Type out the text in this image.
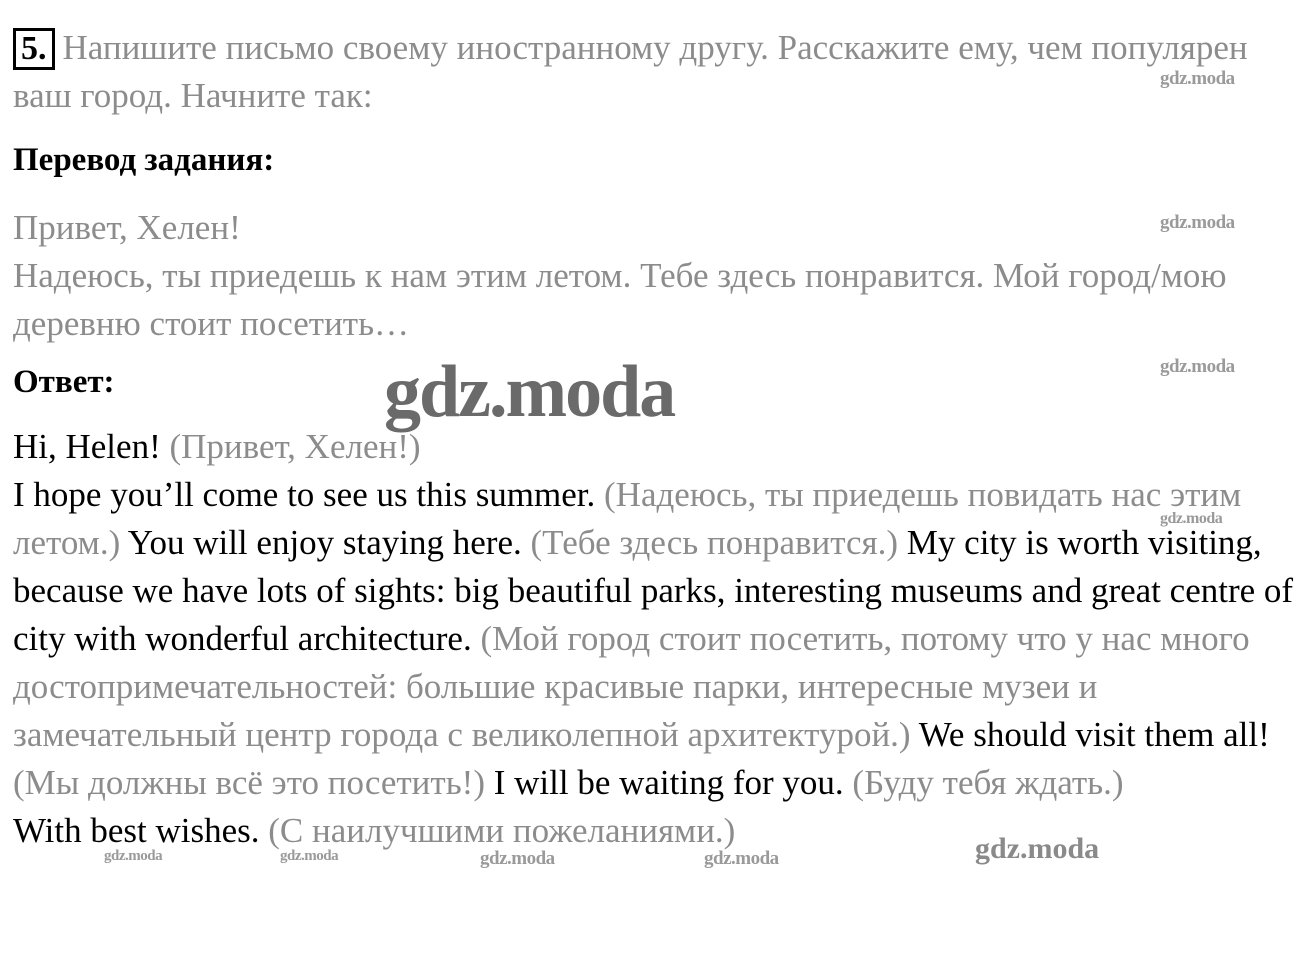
5. Напишите письмо своему иностранному другу. Расскажите ему, чем популярен ваш город. Начните так:
Перевод задания:

Привет, Хелен!

Надеюсь, ты приедешь к нам этим летом. Тебе здесь понравится. Мой город/мою деревню стоит посетить…

Ответ:

Hi, Helen! (Привет, Хелен!)

I hope you’ll come to see us this summer. (Надеюсь, ты приедешь повидать нас этим летом.) You will enjoy staying here. (Тебе здесь понравится.) My city is worth visiting, because we have lots of sights: big beautiful parks, interesting museums and great centre of city with wonderful architecture. (Мой город стоит посетить, потому что у нас много достопримечательностей: большие красивые парки, интересные музеи и замечательный центр города с великолепной архитектурой.) We should visit them all! (Мы должны всё это посетить!) I will be waiting for you. (Буду тебя ждать.)

With best wishes. (С наилучшими пожеланиями.)

gdz.moda
gdz.moda
gdz.moda
gdz.moda
gdz.moda	gdz.moda	gdz.moda	gdz.moda
gdz.moda
gdz.moda
